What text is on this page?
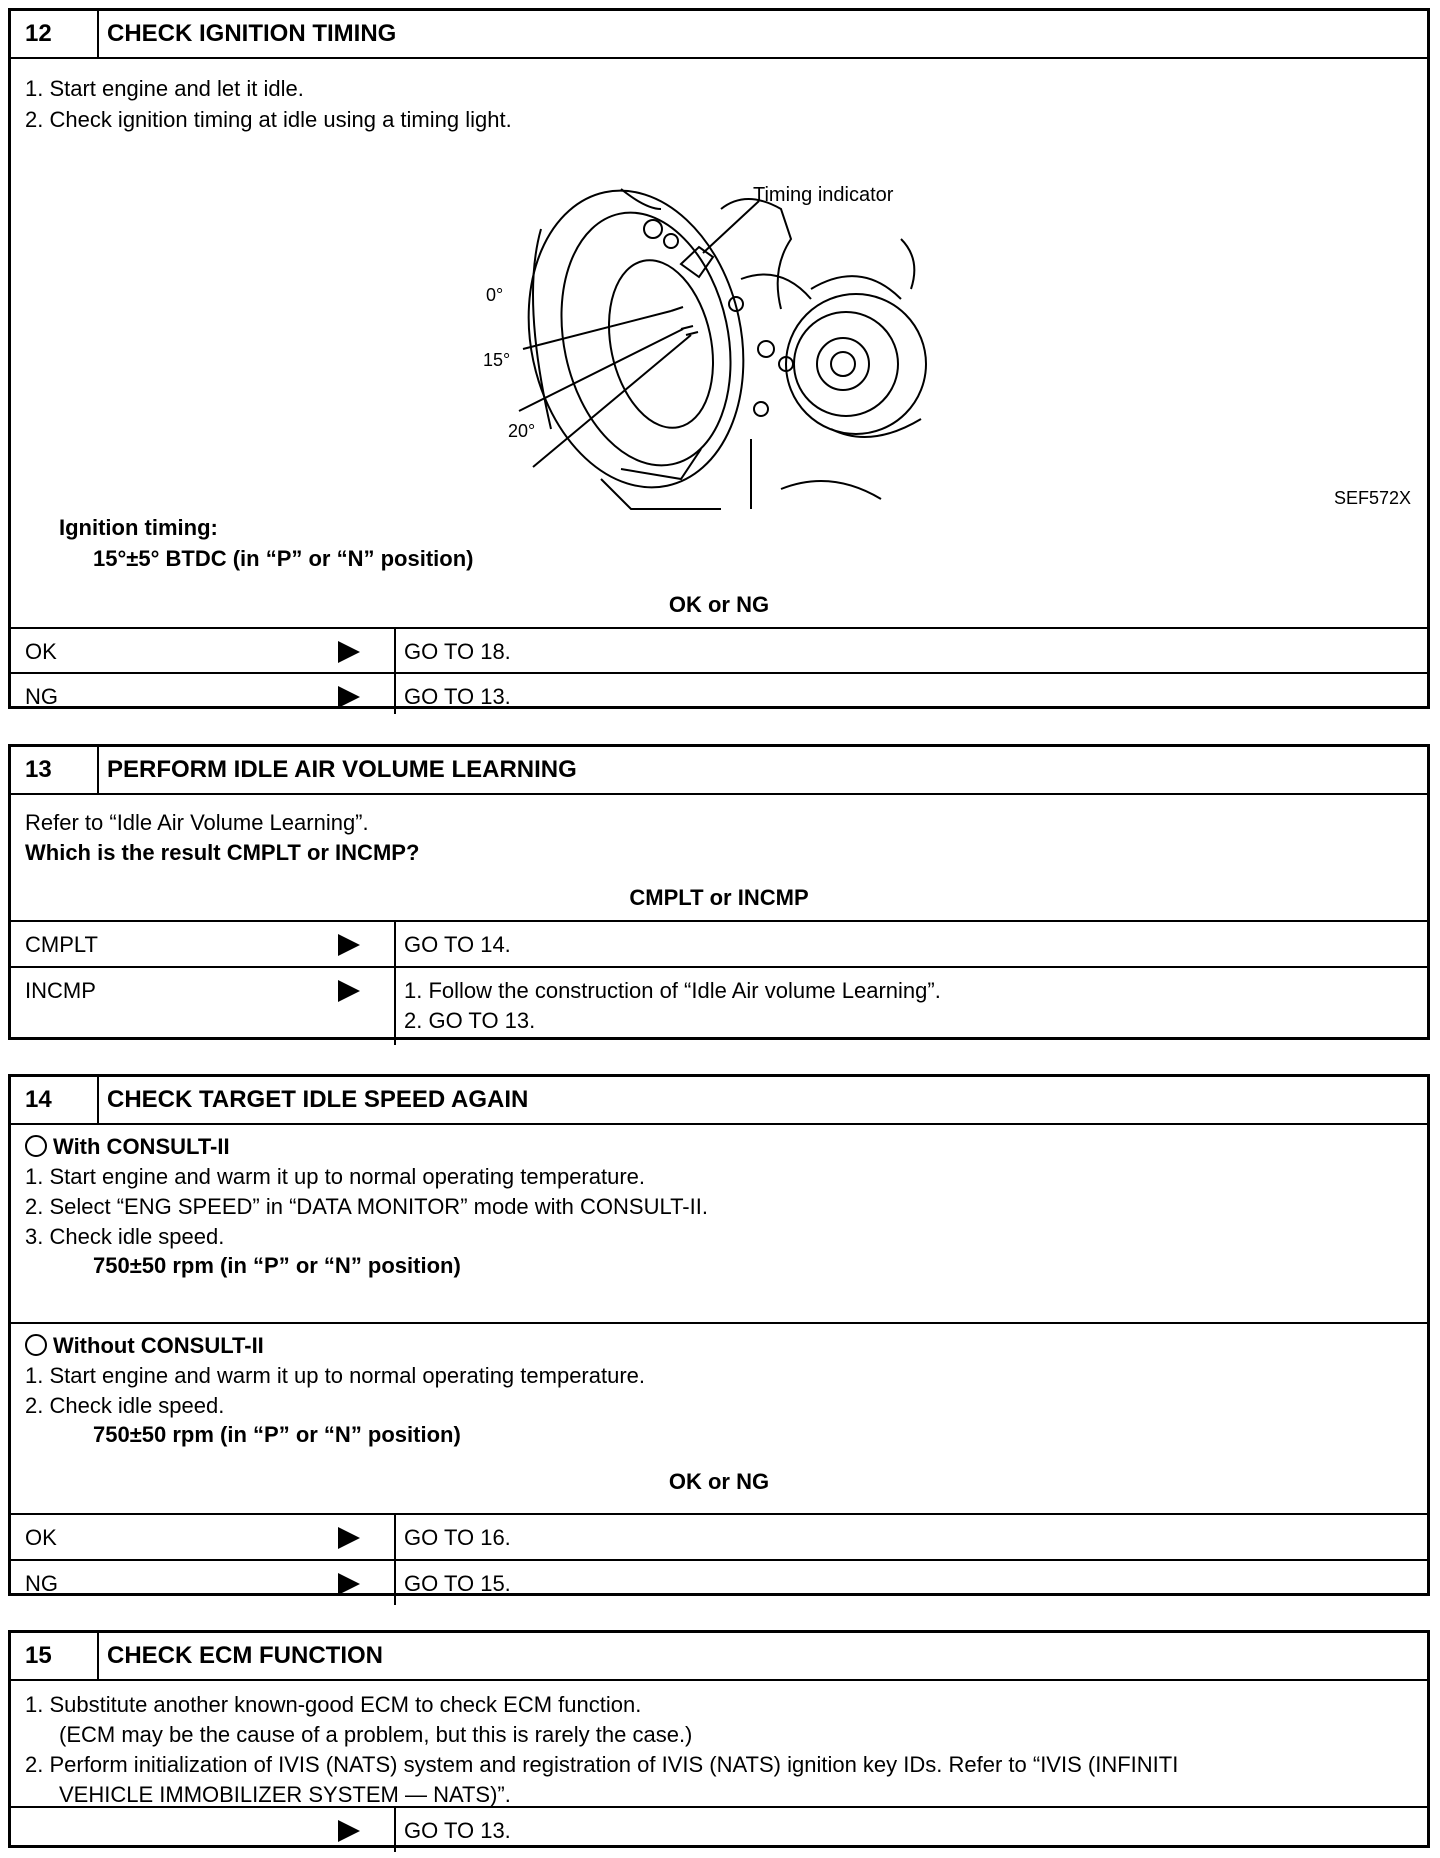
12	CHECK IGNITION TIMING
1. Start engine and let it idle.
2. Check ignition timing at idle using a timing light.
Timing indicator
0°
15°
20°
SEF572X
Ignition timing:
15°±5° BTDC (in “P” or “N” position)
OK or NG
OK	GO TO 18.
NG	GO TO 13.
13	PERFORM IDLE AIR VOLUME LEARNING
Refer to “Idle Air Volume Learning”.
Which is the result CMPLT or INCMP?
CMPLT or INCMP
CMPLT	GO TO 14.
INCMP	1. Follow the construction of “Idle Air volume Learning”.
2. GO TO 13.
14	CHECK TARGET IDLE SPEED AGAIN
With CONSULT-II
1. Start engine and warm it up to normal operating temperature.
2. Select “ENG SPEED” in “DATA MONITOR” mode with CONSULT-II.
3. Check idle speed.
750±50 rpm (in “P” or “N” position)
Without CONSULT-II
1. Start engine and warm it up to normal operating temperature.
2. Check idle speed.
750±50 rpm (in “P” or “N” position)
OK or NG
OK	GO TO 16.
NG	GO TO 15.
15	CHECK ECM FUNCTION
1. Substitute another known-good ECM to check ECM function.
(ECM may be the cause of a problem, but this is rarely the case.)
2. Perform initialization of IVIS (NATS) system and registration of IVIS (NATS) ignition key IDs. Refer to “IVIS (INFINITI
VEHICLE IMMOBILIZER SYSTEM — NATS)”.
GO TO 13.
